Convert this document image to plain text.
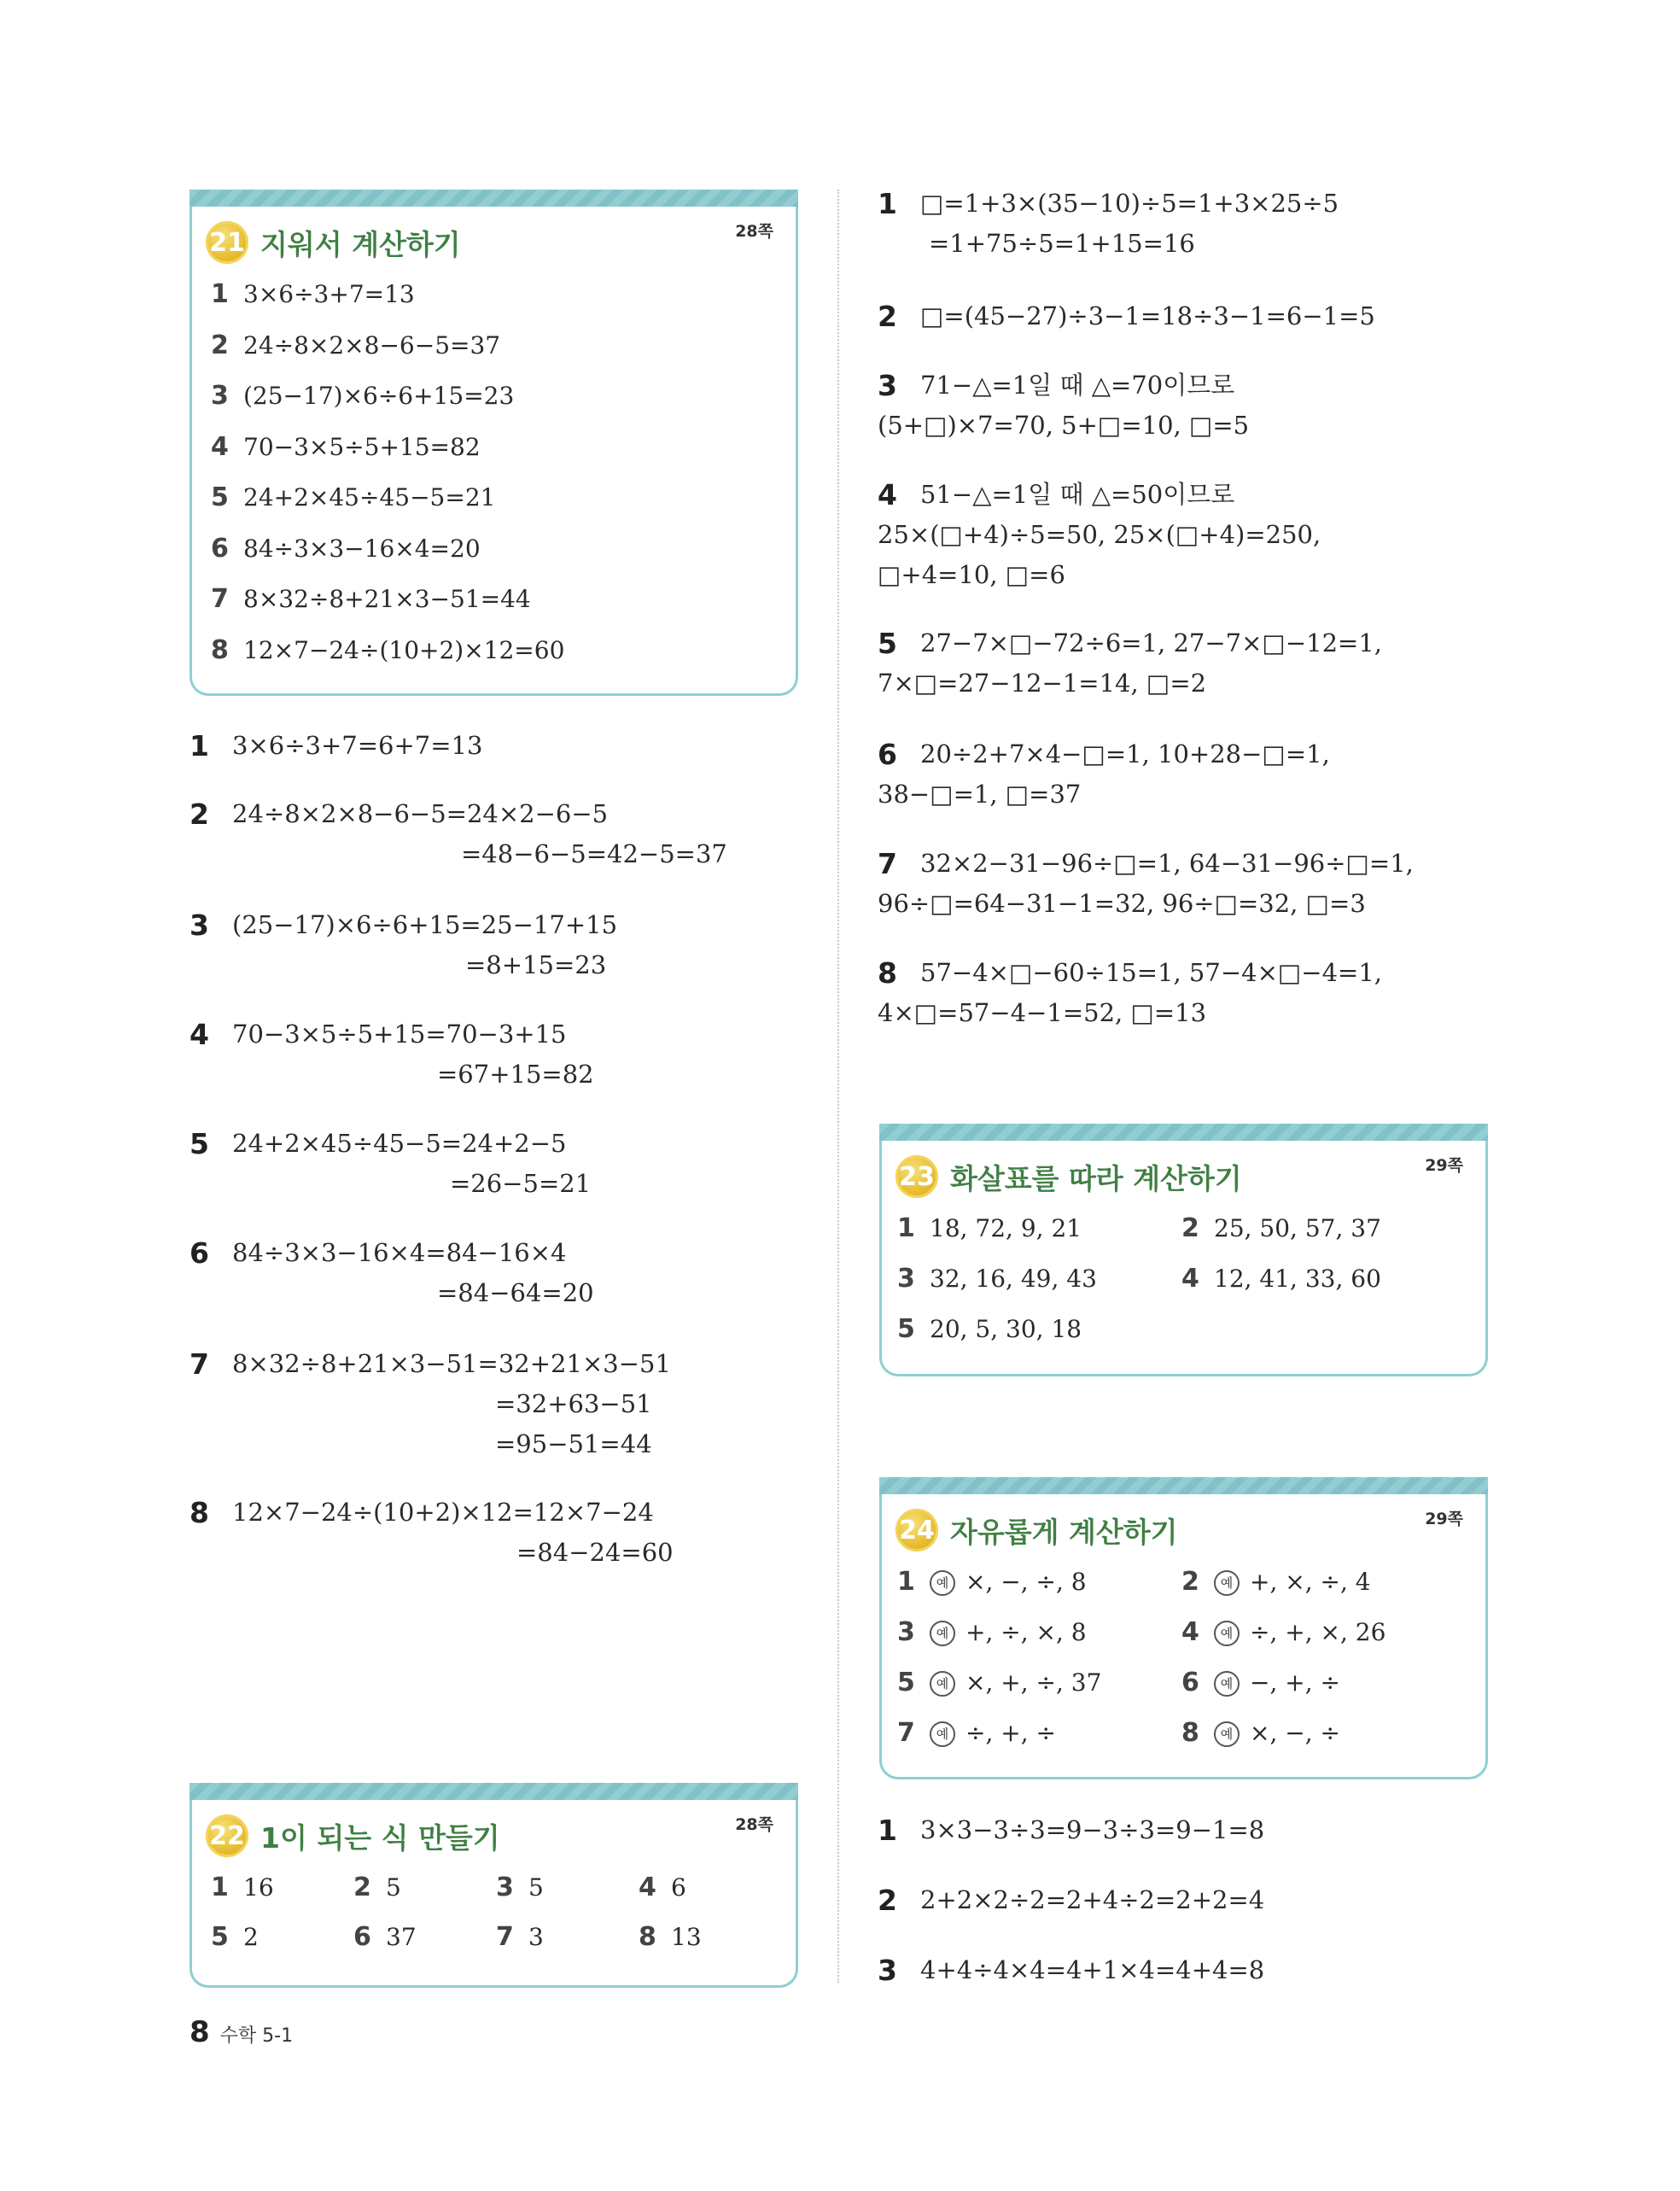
21 지워서 계산하기	28쪽
1 3×6÷3+7=13
2 24÷8×2×8−6−5=37
3 (25−17)×6÷6+15=23
4 70−3×5÷5+15=82
5 24+2×45÷45−5=21
6 84÷3×3−16×4=20
7 8×32÷8+21×3−51=44
8 12×7−24÷(10+2)×12=60
1 3×6÷3+7=6+7=13
2 24÷8×2×8−6−5=24×2−6−5
=48−6−5=42−5=37
3 (25−17)×6÷6+15=25−17+15
=8+15=23
4 70−3×5÷5+15=70−3+15
=67+15=82
5 24+2×45÷45−5=24+2−5
=26−5=21
6 84÷3×3−16×4=84−16×4
=84−64=20
7 8×32÷8+21×3−51=32+21×3−51
=32+63−51
=95−51=44
8 12×7−24÷(10+2)×12=12×7−24
=84−24=60
22 1이 되는 식 만들기	28쪽
1 16	2 5	3 5	4 6
5 2	6 37	7 3	8 13
1 □=1+3×(35−10)÷5=1+3×25÷5
=1+75÷5=1+15=16
2 □=(45−27)÷3−1=18÷3−1=6−1=5
3 71−△=1일 때 △=70이므로
(5+□)×7=70, 5+□=10, □=5
4 51−△=1일 때 △=50이므로
25×(□+4)÷5=50, 25×(□+4)=250,
□+4=10, □=6
5 27−7×□−72÷6=1, 27−7×□−12=1,
7×□=27−12−1=14, □=2
6 20÷2+7×4−□=1, 10+28−□=1,
38−□=1, □=37
7 32×2−31−96÷□=1, 64−31−96÷□=1,
96÷□=64−31−1=32, 96÷□=32, □=3
8 57−4×□−60÷15=1, 57−4×□−4=1,
4×□=57−4−1=52, □=13
23 화살표를 따라 계산하기	29쪽
1 18, 72, 9, 21	2 25, 50, 57, 37
3 32, 16, 49, 43	4 12, 41, 33, 60
5 20, 5, 30, 18
24 자유롭게 계산하기	29쪽
1 예 ×, −, ÷, 8	2 예 +, ×, ÷, 4
3 예 +, ÷, ×, 8	4 예 ÷, +, ×, 26
5 예 ×, +, ÷, 37	6 예 −, +, ÷
7 예 ÷, +, ÷	8 예 ×, −, ÷
1 3×3−3÷3=9−3÷3=9−1=8
2 2+2×2÷2=2+4÷2=2+2=4
3 4+4÷4×4=4+1×4=4+4=8
8 수학 5-1
